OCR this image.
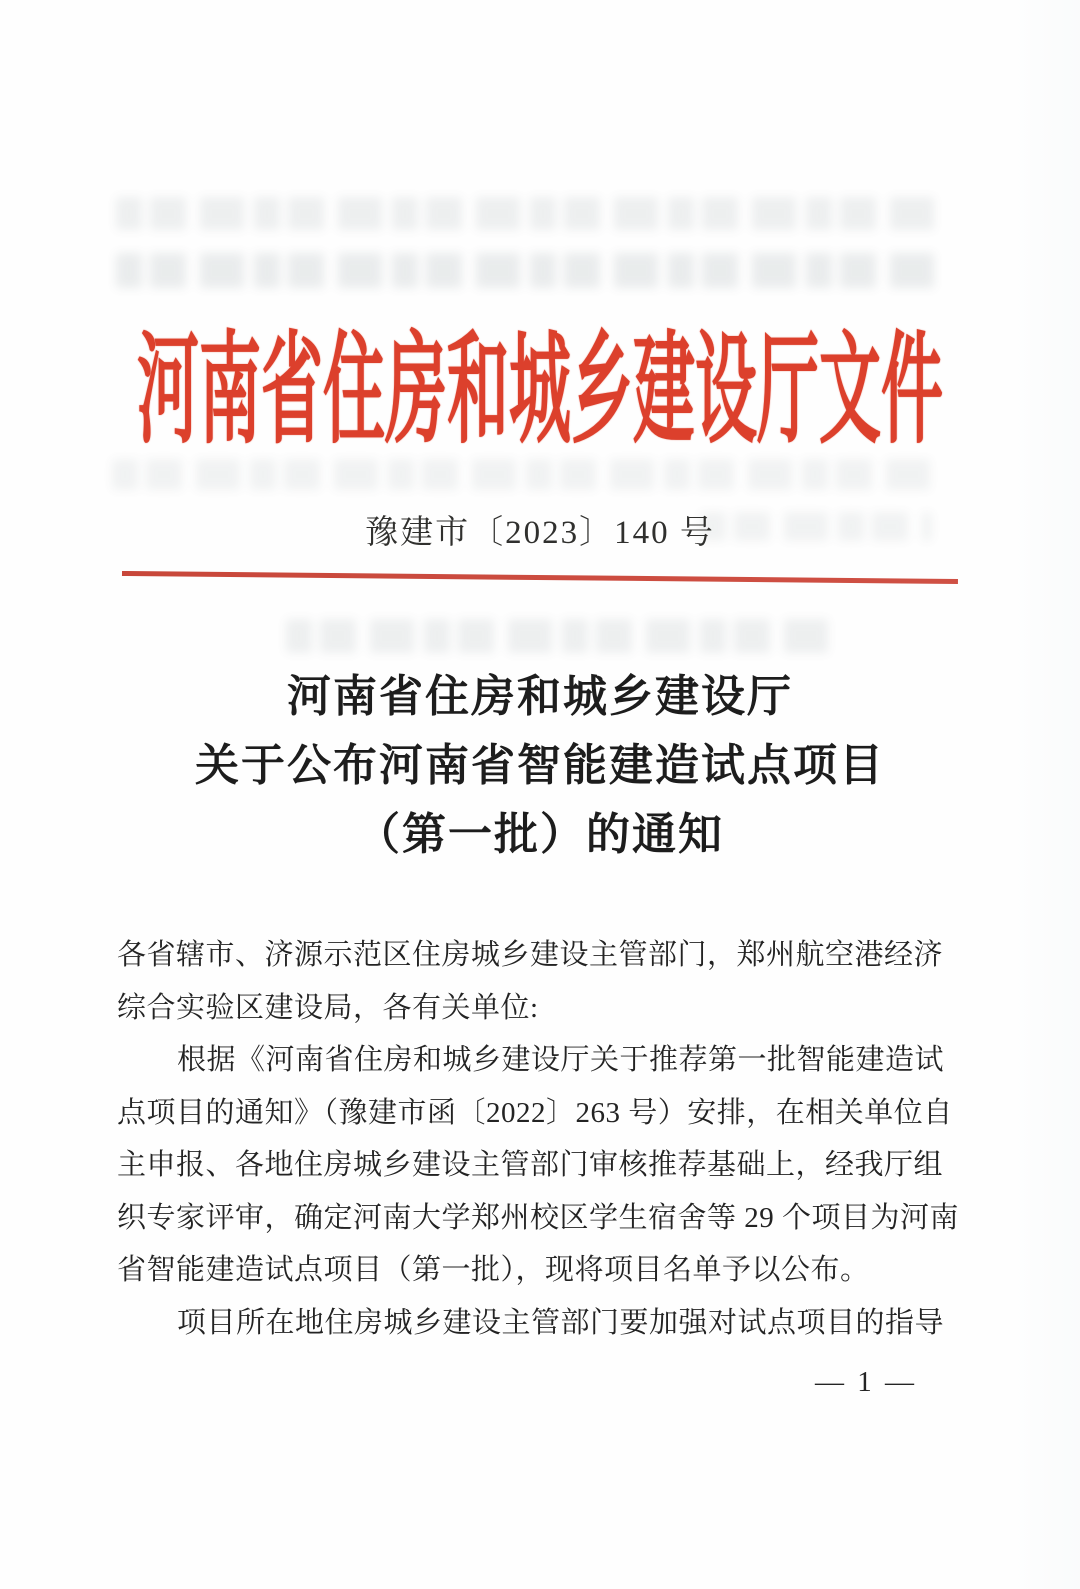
河南省住房和城乡建设厅文件
豫建市〔2023〕140 号
河南省住房和城乡建设厅
关于公布河南省智能建造试点项目
（第一批）的通知
各省辖市、济源示范区住房城乡建设主管部门，郑州航空港经济
综合实验区建设局，各有关单位:
根据《河南省住房和城乡建设厅关于推荐第一批智能建造试
点项目的通知》（豫建市函〔2022〕263 号）安排，在相关单位自
主申报、各地住房城乡建设主管部门审核推荐基础上，经我厅组
织专家评审，确定河南大学郑州校区学生宿舍等 29 个项目为河南
省智能建造试点项目（第一批），现将项目名单予以公布。
项目所在地住房城乡建设主管部门要加强对试点项目的指导
— 1 —
